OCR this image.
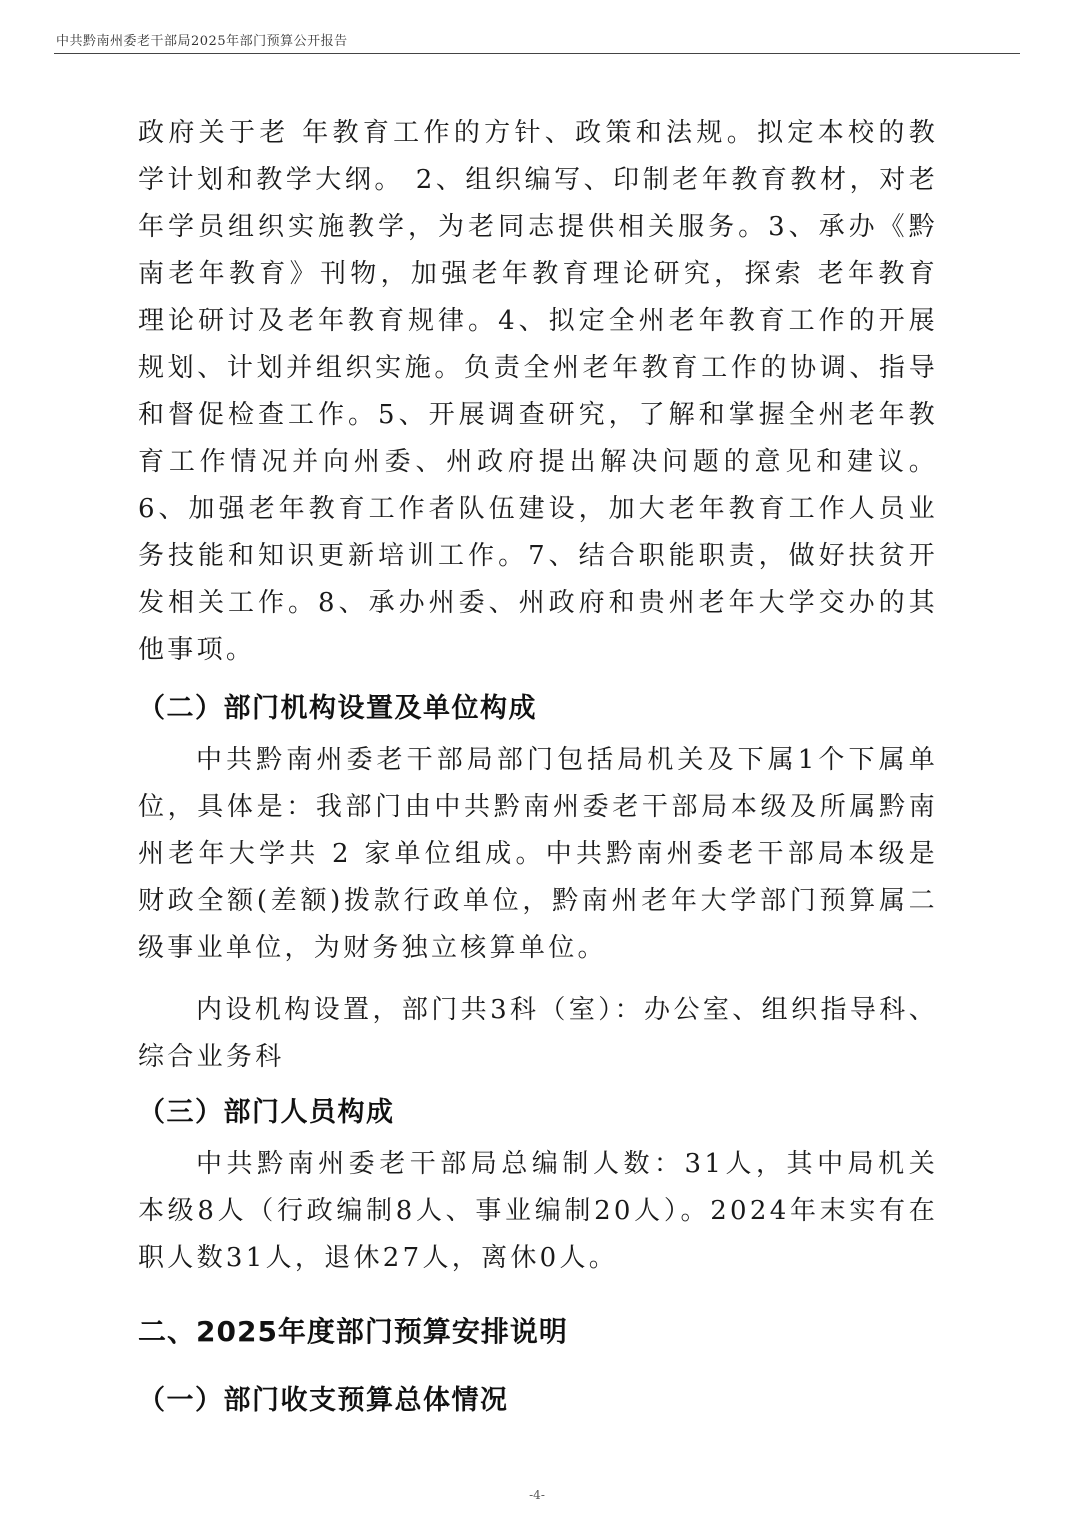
中共黔南州委老干部局2025年部门预算公开报告
政府关于老 年教育工作的方针、政策和法规。拟定本校的教学计划和教学大纲。 2、组织编写、印制老年教育教材，对老年学员组织实施教学，为老同志提供相关服务。3、承办《黔南老年教育》刊物，加强老年教育理论研究，探索 老年教育理论研讨及老年教育规律。4、拟定全州老年教育工作的开展规划、计划并组织实施。负责全州老年教育工作的协调、指导和督促检查工作。5、开展调查研究，了解和掌握全州老年教育工作情况并向州委、州政府提出解决问题的意见和建议。6、加强老年教育工作者队伍建设，加大老年教育工作人员业务技能和知识更新培训工作。7、结合职能职责，做好扶贫开发相关工作。8、承办州委、州政府和贵州老年大学交办的其他事项。
（二）部门机构设置及单位构成
中共黔南州委老干部局部门包括局机关及下属1个下属单位，具体是：我部门由中共黔南州委老干部局本级及所属黔南州老年大学共 2 家单位组成。中共黔南州委老干部局本级是财政全额(差额)拨款行政单位，黔南州老年大学部门预算属二级事业单位，为财务独立核算单位。
内设机构设置，部门共3科（室）：办公室、组织指导科、综合业务科
（三）部门人员构成
中共黔南州委老干部局总编制人数：31人，其中局机关本级8人（行政编制8人、事业编制20人）。2024年末实有在职人数31人，退休27人，离休0人。
二、2025年度部门预算安排说明
（一）部门收支预算总体情况
-4-
